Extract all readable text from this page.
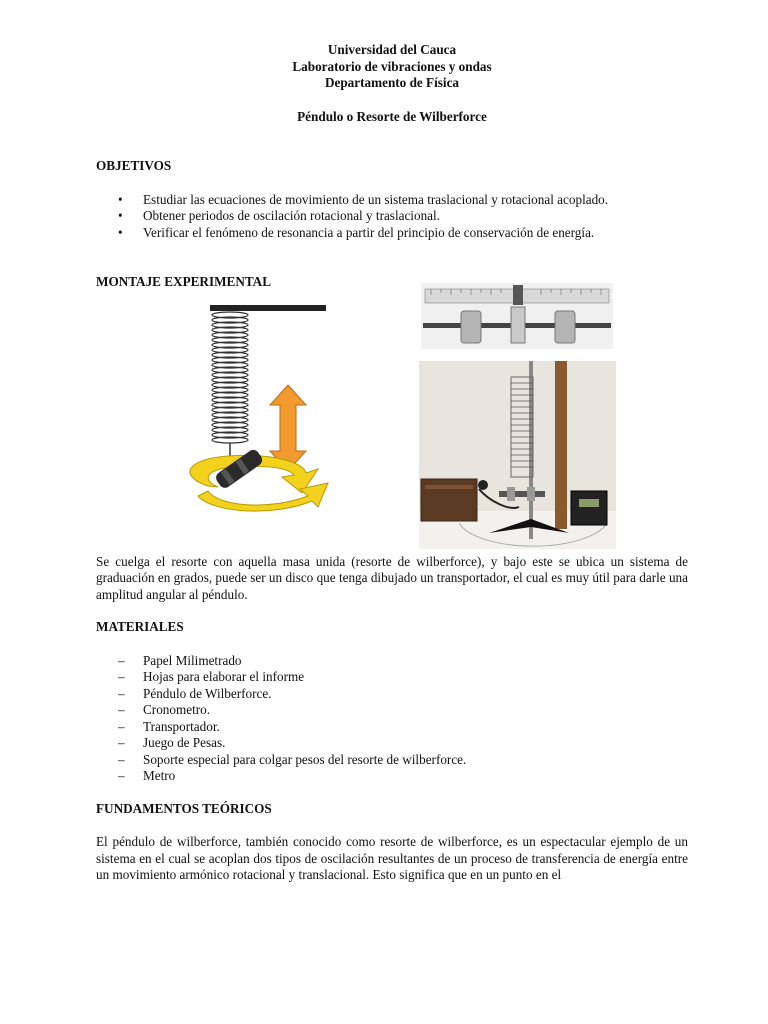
Universidad del Cauca
Laboratorio de vibraciones y ondas
Departamento de Física
Péndulo o Resorte de Wilberforce
OBJETIVOS
• Estudiar las ecuaciones de movimiento de un sistema traslacional y rotacional acoplado.
• Obtener periodos de oscilación rotacional y traslacional.
• Verificar el fenómeno de resonancia a partir del principio de conservación de energía.
MONTAJE EXPERIMENTAL

Se cuelga el resorte con aquella masa unida (resorte de wilberforce), y bajo este se ubica un sistema de graduación en grados, puede ser un disco que tenga dibujado un transportador, el cual es muy útil para darle una amplitud angular al péndulo.

MATERIALES
– Papel Milimetrado
– Hojas para elaborar el informe
– Péndulo de Wilberforce.
– Cronometro.
– Transportador.
– Juego de Pesas.
– Soporte especial para colgar pesos del resorte de wilberforce.
– Metro
FUNDAMENTOS TEÓRICOS

El péndulo de wilberforce, también conocido como resorte de wilberforce, es un espectacular ejemplo de un sistema en el cual se acoplan dos tipos de oscilación resultantes de un proceso de transferencia de energía entre un movimiento armónico rotacional y translacional. Esto significa que en un punto en el
